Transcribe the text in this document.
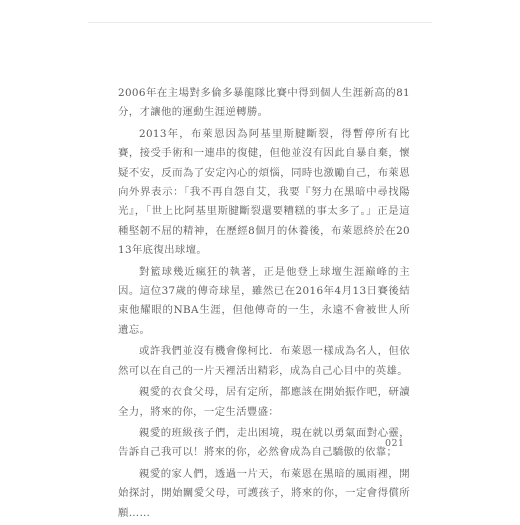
2006年在主場對多倫多暴龍隊比賽中得到個人生涯新高的81分，才讓他的運動生涯逆轉勝。

2013年，布萊恩因為阿基里斯腱斷裂，得暫停所有比賽，接受手術和一連串的復健，但他並沒有因此自暴自棄，懷疑不安，反而為了安定內心的煩惱，同時也激勵自己，布萊恩向外界表示：「我不再自怨自艾，我要『努力在黑暗中尋找陽光』，「世上比阿基里斯腱斷裂還要糟糕的事太多了。」正是這種堅韌不屈的精神，在歷經8個月的休養後，布萊恩終於在2013年底復出球壇。

對籃球幾近瘋狂的執著，正是他登上球壇生涯巔峰的主因。這位37歲的傳奇球星，雖然已在2016年4月13日賽後結束他耀眼的NBA生涯，但他傳奇的一生，永遠不會被世人所遺忘。

或許我們並沒有機會像柯比．布萊恩一樣成為名人，但依然可以在自己的一片天裡活出精彩，成為自己心目中的英雄。

親愛的衣食父母，居有定所，都應該在開始振作吧，研讀全力，將來的你，一定生活豐盛：

親愛的班級孩子們，走出困境，現在就以勇氣面對心靈，告訴自己我可以！將來的你，必然會成為自己驕傲的依靠；

親愛的家人們，透過一片天，布萊恩在黑暗的風雨裡，開始探討，開始關愛父母，可護孩子，將來的你，一定會得償所願……

021
